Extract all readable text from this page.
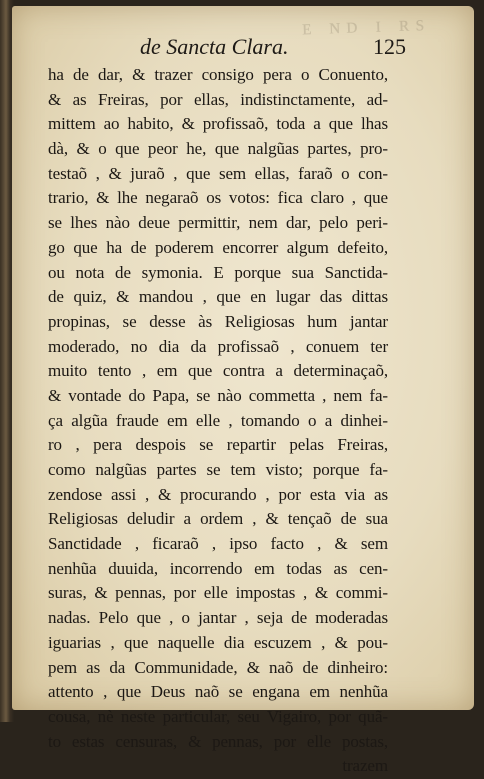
ᴇ ɴᴅ ɪ ʀs
de Sancta Clara.	125
ha de dar, & trazer consigo pera o Conuento,
& as Freiras, por ellas, indistinctamente, ad-
mittem ao habito, & profissaõ, toda a que lhas
dà, & o que peor he, que nalgũas partes, pro-
testaõ , & juraõ , que sem ellas, faraõ o con-
trario, & lhe negaraõ os votos: fica claro , que
se lhes nào deue permittir, nem dar, pelo peri-
go que ha de poderem encorrer algum defeito,
ou nota de symonia. E porque sua Sanctida-
de quiz, & mandou , que en lugar das dittas
propinas, se desse às Religiosas hum jantar
moderado, no dia da profissaõ , conuem ter
muito tento , em que contra a determinaçaõ,
& vontade do Papa, se nào commetta , nem fa-
ça algũa fraude em elle , tomando o a dinhei-
ro , pera despois se repartir pelas Freiras,
como nalgũas partes se tem visto; porque fa-
zendose assi , & procurando , por esta via as
Religiosas deludir a ordem , & tençaõ de sua
Sanctidade , ficaraõ , ipso facto , & sem
nenhũa duuida, incorrendo em todas as cen-
suras, & pennas, por elle impostas , & commi-
nadas. Pelo que , o jantar , seja de moderadas
iguarias , que naquelle dia escuzem , & pou-
pem as da Communidade, & naõ de dinheiro:
attento , que Deus naõ se engana em nenhũa
cousa, nè neste particular, seu Vigairo, por quã-
to estas censuras, & pennas, por elle postas,
trazem
